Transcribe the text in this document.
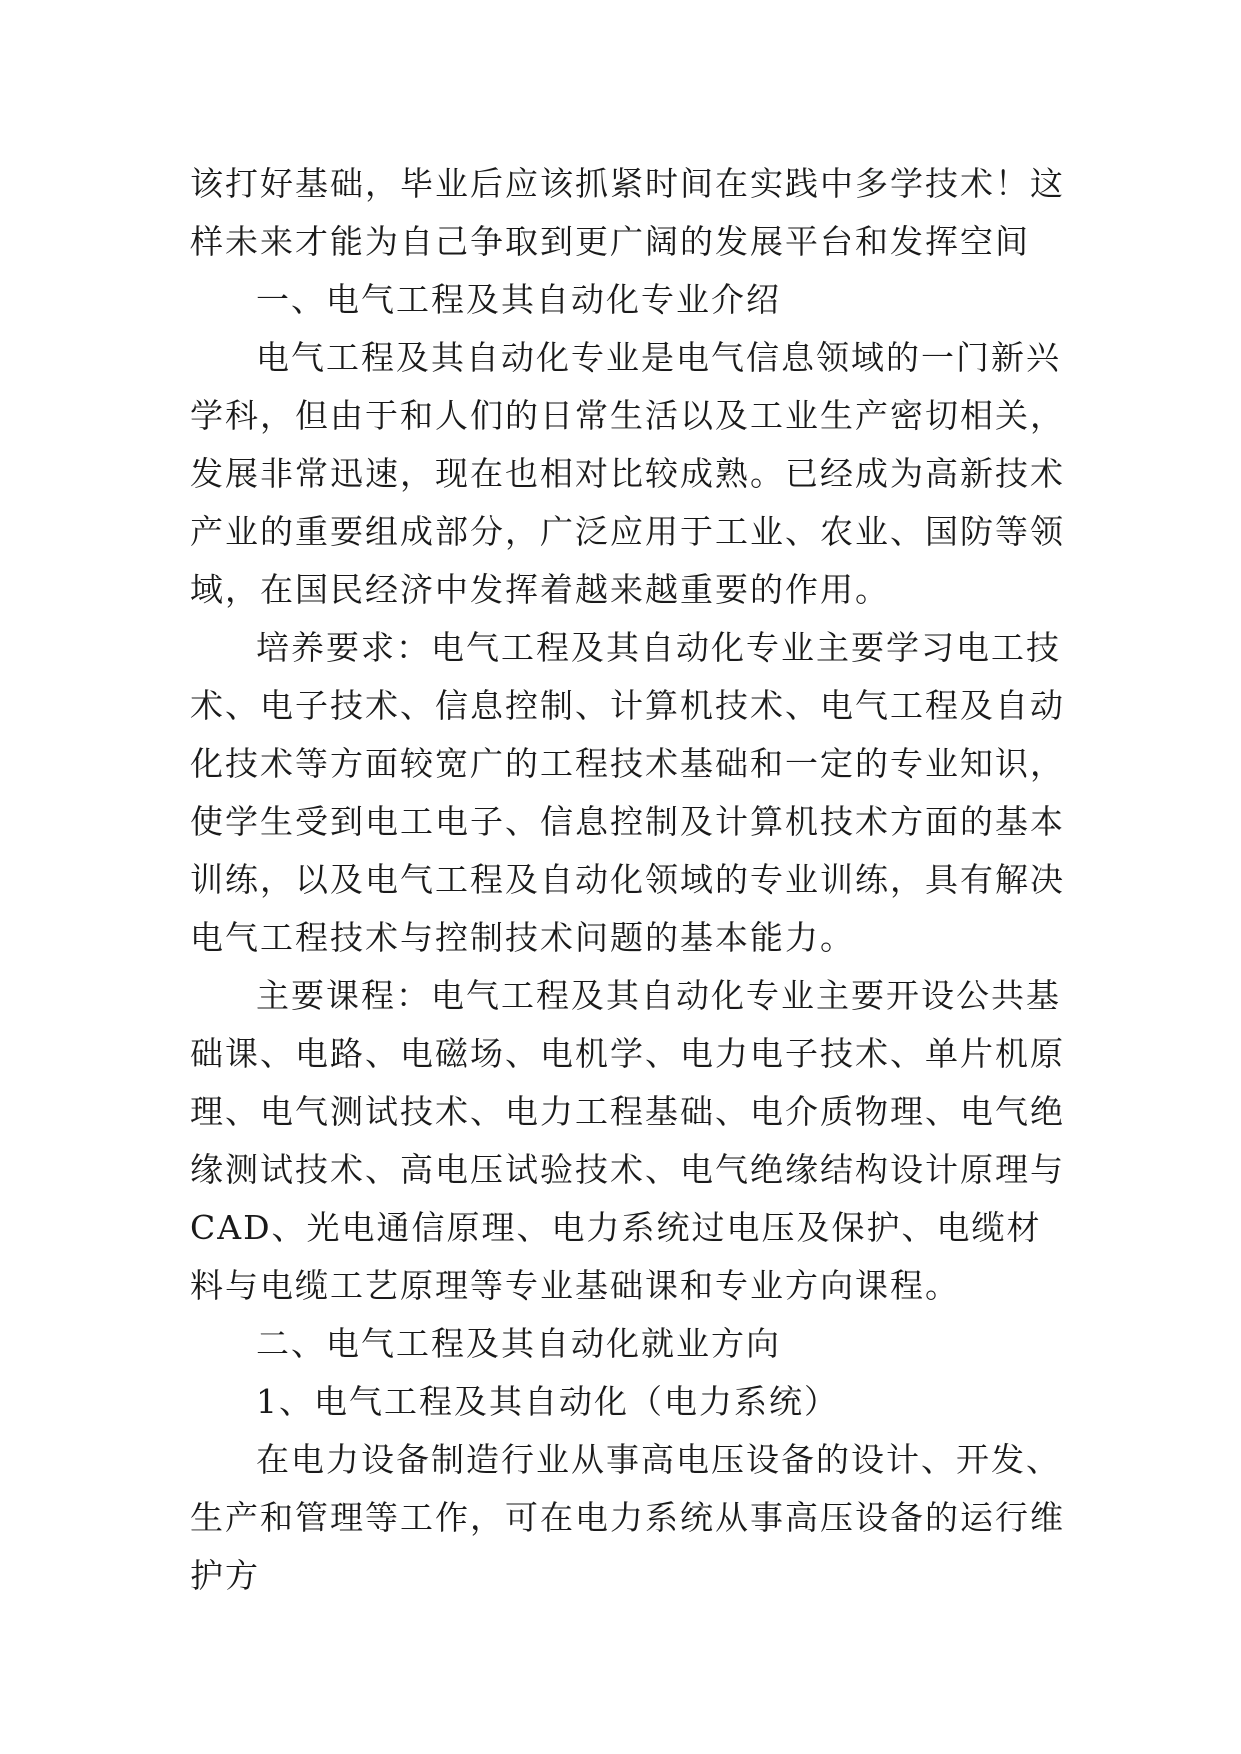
该打好基础，毕业后应该抓紧时间在实践中多学技术！这样未来才能为自己争取到更广阔的发展平台和发挥空间

一、电气工程及其自动化专业介绍

电气工程及其自动化专业是电气信息领域的一门新兴学科，但由于和人们的日常生活以及工业生产密切相关，发展非常迅速，现在也相对比较成熟。已经成为高新技术产业的重要组成部分，广泛应用于工业、农业、国防等领域，在国民经济中发挥着越来越重要的作用。

培养要求：电气工程及其自动化专业主要学习电工技术、电子技术、信息控制、计算机技术、电气工程及自动化技术等方面较宽广的工程技术基础和一定的专业知识，使学生受到电工电子、信息控制及计算机技术方面的基本训练，以及电气工程及自动化领域的专业训练，具有解决电气工程技术与控制技术问题的基本能力。

主要课程：电气工程及其自动化专业主要开设公共基础课、电路、电磁场、电机学、电力电子技术、单片机原理、电气测试技术、电力工程基础、电介质物理、电气绝缘测试技术、高电压试验技术、电气绝缘结构设计原理与CAD、光电通信原理、电力系统过电压及保护、电缆材料与电缆工艺原理等专业基础课和专业方向课程。

二、电气工程及其自动化就业方向

1、电气工程及其自动化（电力系统）

在电力设备制造行业从事高电压设备的设计、开发、生产和管理等工作，可在电力系统从事高压设备的运行维护方
